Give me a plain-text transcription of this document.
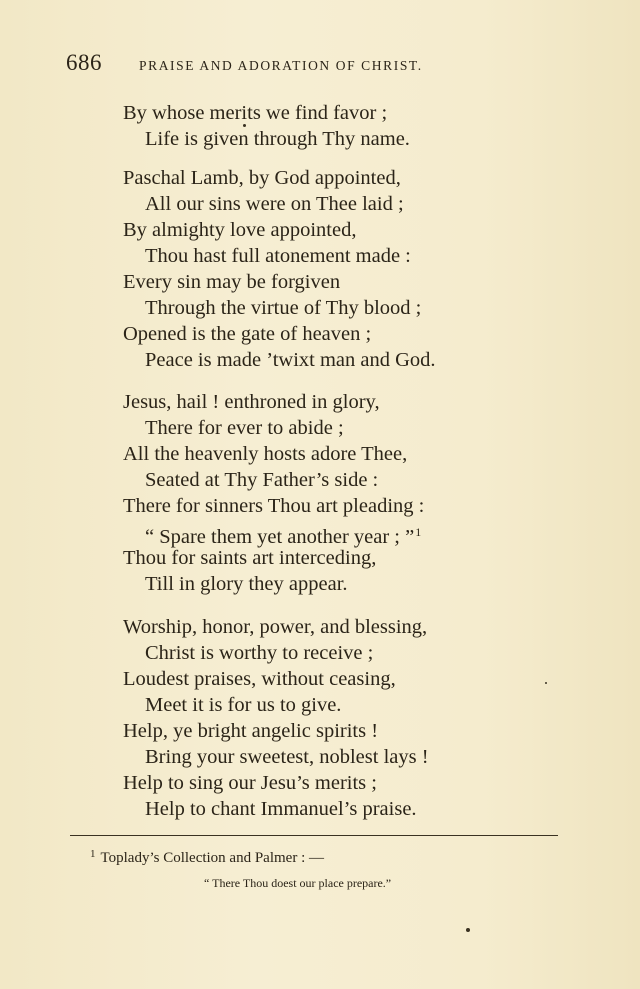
686	PRAISE AND ADORATION OF CHRIST.
By whose merits we find favor ;
Life is given through Thy name.
Paschal Lamb, by God appointed,
All our sins were on Thee laid ;
By almighty love appointed,
Thou hast full atonement made :
Every sin may be forgiven
Through the virtue of Thy blood ;
Opened is the gate of heaven ;
Peace is made ’twixt man and God.
Jesus, hail ! enthroned in glory,
There for ever to abide ;
All the heavenly hosts adore Thee,
Seated at Thy Father’s side :
There for sinners Thou art pleading :
“ Spare them yet another year ; ”$^1$
Thou for saints art interceding,
Till in glory they appear.
Worship, honor, power, and blessing,
Christ is worthy to receive ;
Loudest praises, without ceasing,
Meet it is for us to give.
Help, ye bright angelic spirits !
Bring your sweetest, noblest lays !
Help to sing our Jesu’s merits ;
Help to chant Immanuel’s praise.
$^1$ Toplady’s Collection and Palmer : —
“ There Thou doest our place prepare.”
